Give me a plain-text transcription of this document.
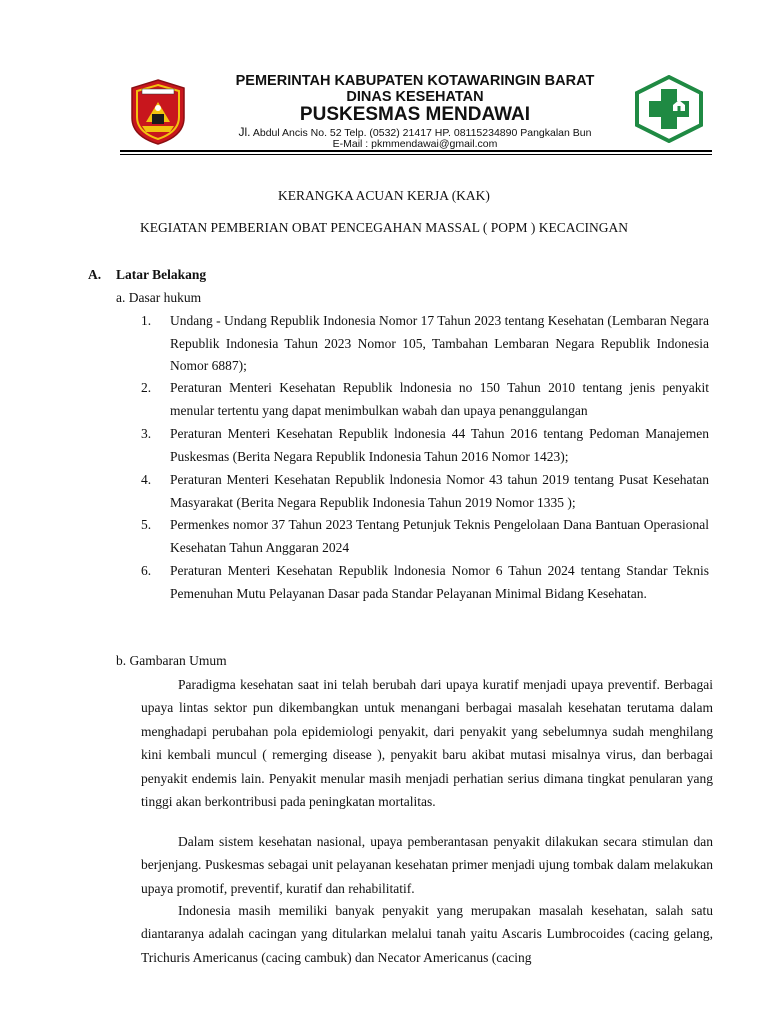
PEMERINTAH KABUPATEN KOTAWARINGIN BARAT
DINAS KESEHATAN
PUSKESMAS MENDAWAI
Jl. Abdul Ancis No. 52 Telp. (0532) 21417 HP. 08115234890 Pangkalan Bun
E-Mail : pkmmendawai@gmail.com
KERANGKA ACUAN KERJA (KAK)
KEGIATAN PEMBERIAN OBAT PENCEGAHAN MASSAL ( POPM ) KECACINGAN
A. Latar Belakang
a. Dasar hukum
1. Undang - Undang Republik Indonesia Nomor 17 Tahun 2023 tentang Kesehatan (Lembaran Negara Republik Indonesia Tahun 2023 Nomor 105, Tambahan Lembaran Negara Republik Indonesia Nomor 6887);
2. Peraturan Menteri Kesehatan Republik lndonesia no 150 Tahun 2010 tentang jenis penyakit menular tertentu yang dapat menimbulkan wabah dan upaya penanggulangan
3. Peraturan Menteri Kesehatan Republik lndonesia 44 Tahun 2016 tentang Pedoman Manajemen Puskesmas (Berita Negara Republik Indonesia Tahun 2016 Nomor 1423);
4. Peraturan Menteri Kesehatan Republik lndonesia Nomor 43 tahun 2019 tentang Pusat Kesehatan Masyarakat (Berita Negara Republik Indonesia Tahun 2019 Nomor 1335 );
5. Permenkes nomor 37 Tahun 2023 Tentang Petunjuk Teknis Pengelolaan Dana Bantuan Operasional Kesehatan Tahun Anggaran 2024
6. Peraturan Menteri Kesehatan Republik lndonesia Nomor 6 Tahun 2024 tentang Standar Teknis Pemenuhan Mutu Pelayanan Dasar pada Standar Pelayanan Minimal Bidang Kesehatan.
b. Gambaran Umum
Paradigma kesehatan saat ini telah berubah dari upaya kuratif menjadi upaya preventif. Berbagai upaya lintas sektor pun dikembangkan untuk menangani berbagai masalah kesehatan terutama dalam menghadapi perubahan pola epidemiologi penyakit, dari penyakit yang sebelumnya sudah menghilang kini kembali muncul ( remerging disease ), penyakit baru akibat mutasi misalnya virus, dan berbagai penyakit endemis lain. Penyakit menular masih menjadi perhatian serius dimana tingkat penularan yang tinggi akan berkontribusi pada peningkatan mortalitas.
Dalam sistem kesehatan nasional, upaya pemberantasan penyakit dilakukan secara stimulan dan berjenjang. Puskesmas sebagai unit pelayanan kesehatan primer menjadi ujung tombak dalam melakukan upaya promotif, preventif, kuratif dan rehabilitatif.
Indonesia masih memiliki banyak penyakit yang merupakan masalah kesehatan, salah satu diantaranya adalah cacingan yang ditularkan melalui tanah yaitu Ascaris Lumbrocoides (cacing gelang, Trichuris Americanus (cacing cambuk) dan Necator Americanus (cacing
